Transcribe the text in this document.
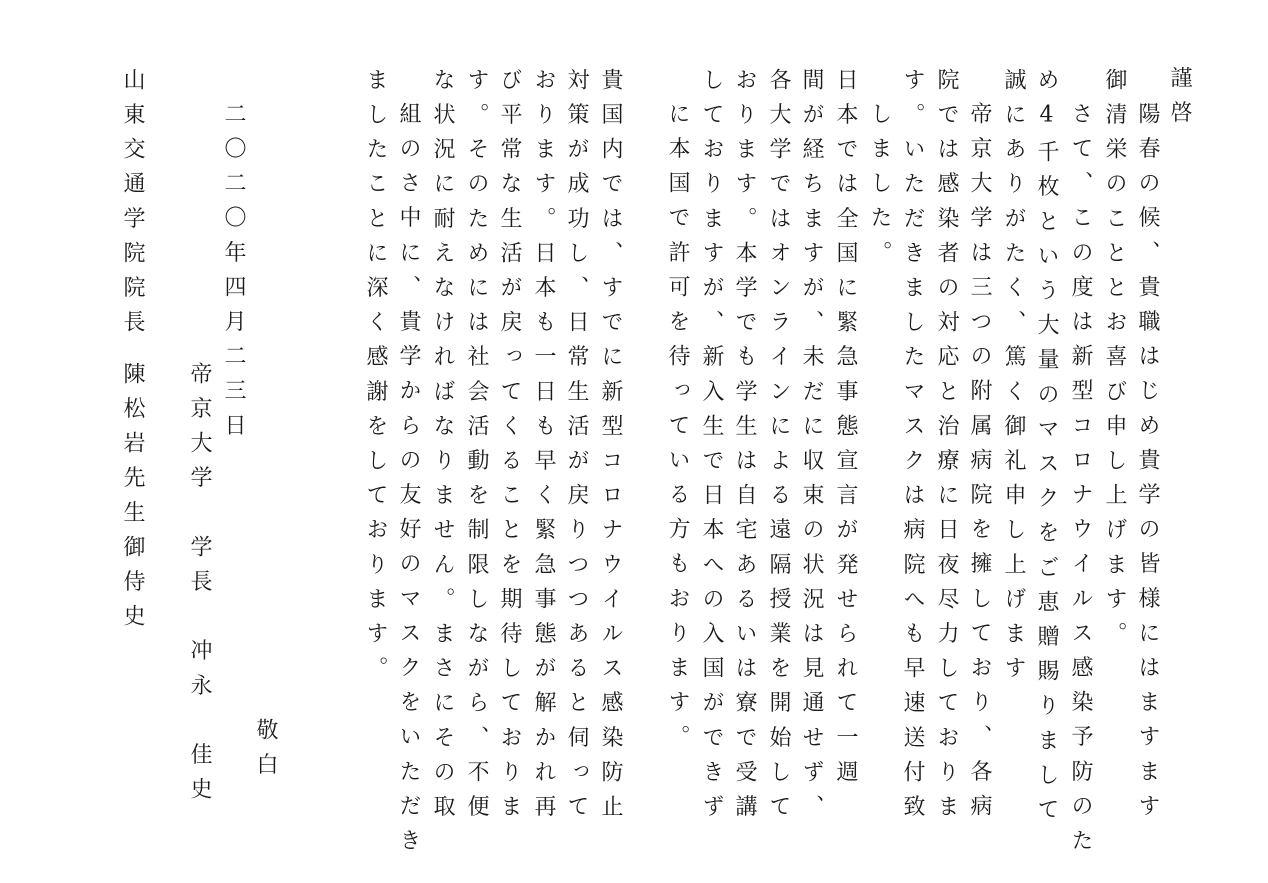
謹啓

陽春の候、貴職はじめ貴学の皆様にはますます

御清栄のこととお喜び申し上げます。

さて、この度は新型コロナウイルス感染予防のた

め4千枚という大量のマスクをご恵贈賜りまして

誠にありがたく、篤く御礼申し上げます

帝京大学は三つの附属病院を擁しており、各病

院では感染者の対応と治療に日夜尽力しておりま

す。いただきましたマスクは病院へも早速送付致

しました。

日本では全国に緊急事態宣言が発せられて一週

間が経ちますが、未だに収束の状況は見通せず、

各大学ではオンラインによる遠隔授業を開始して

おります。本学でも学生は自宅あるいは寮で受講

しておりますが、新入生で日本への入国ができず

に本国で許可を待っている方もおります。

貴国内では、すでに新型コロナウイルス感染防止

対策が成功し、日常生活が戻りつつあると伺って

おります。日本も一日も早く緊急事態が解かれ再

び平常な生活が戻ってくることを期待しておりま

す。そのためには社会活動を制限しながら、不便

な状況に耐えなければなりません。まさにその取

組のさ中に、貴学からの友好のマスクをいただき

ましたことに深く感謝をしております。

敬白

二〇二〇年四月二三日

帝京大学　学長　冲永　佳史

山東交通学院院長

陳松岩先生御侍史
